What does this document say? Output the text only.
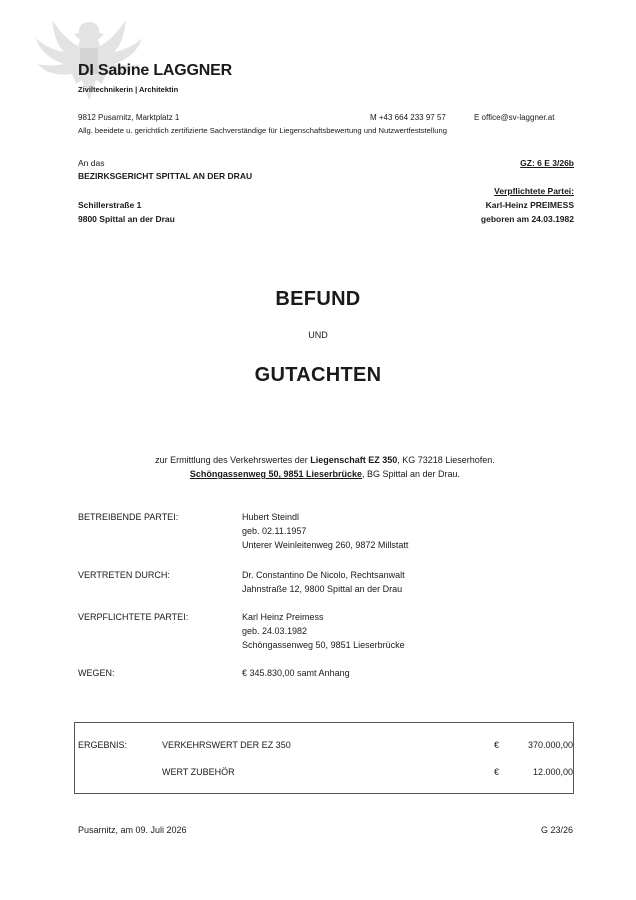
DI Sabine LAGGNER
Ziviltechnikerin | Architektin
9812 Pusarnitz, Marktplatz 1	M +43 664 233 97 57	E office@sv-laggner.at
Allg. beeidete u. gerichtlich zertifizierte Sachverständige für Liegenschaftsbewertung und Nutzwertfeststellung
An das
BEZIRKSGERICHT SPITTAL AN DER DRAU
Schillerstraße 1
9800 Spittal an der Drau
GZ: 6 E 3/26b
Verpflichtete Partei:
Karl-Heinz PREIMESS
geboren am 24.03.1982
BEFUND
UND
GUTACHTEN
zur Ermittlung des Verkehrswertes der Liegenschaft EZ 350, KG 73218 Lieserhofen.
Schöngassenweg 50, 9851 Lieserbrücke, BG Spittal an der Drau.
BETREIBENDE PARTEI:	Hubert Steindl
geb. 02.11.1957
Unterer Weinleitenweg 260, 9872 Millstatt
VERTRETEN DURCH:	Dr. Constantino De Nicolo, Rechtsanwalt
Jahnstraße 12, 9800 Spittal an der Drau
VERPFLICHTETE PARTEI:	Karl Heinz Preimess
geb. 24.03.1982
Schöngassenweg 50, 9851 Lieserbrücke
WEGEN:	€ 345.830,00 samt Anhang
ERGEBNIS:	VERKEHRSWERT DER EZ 350	€	370.000,00
WERT ZUBEHÖR	€	12.000,00
Pusarnitz, am 09. Juli 2026	G 23/26
